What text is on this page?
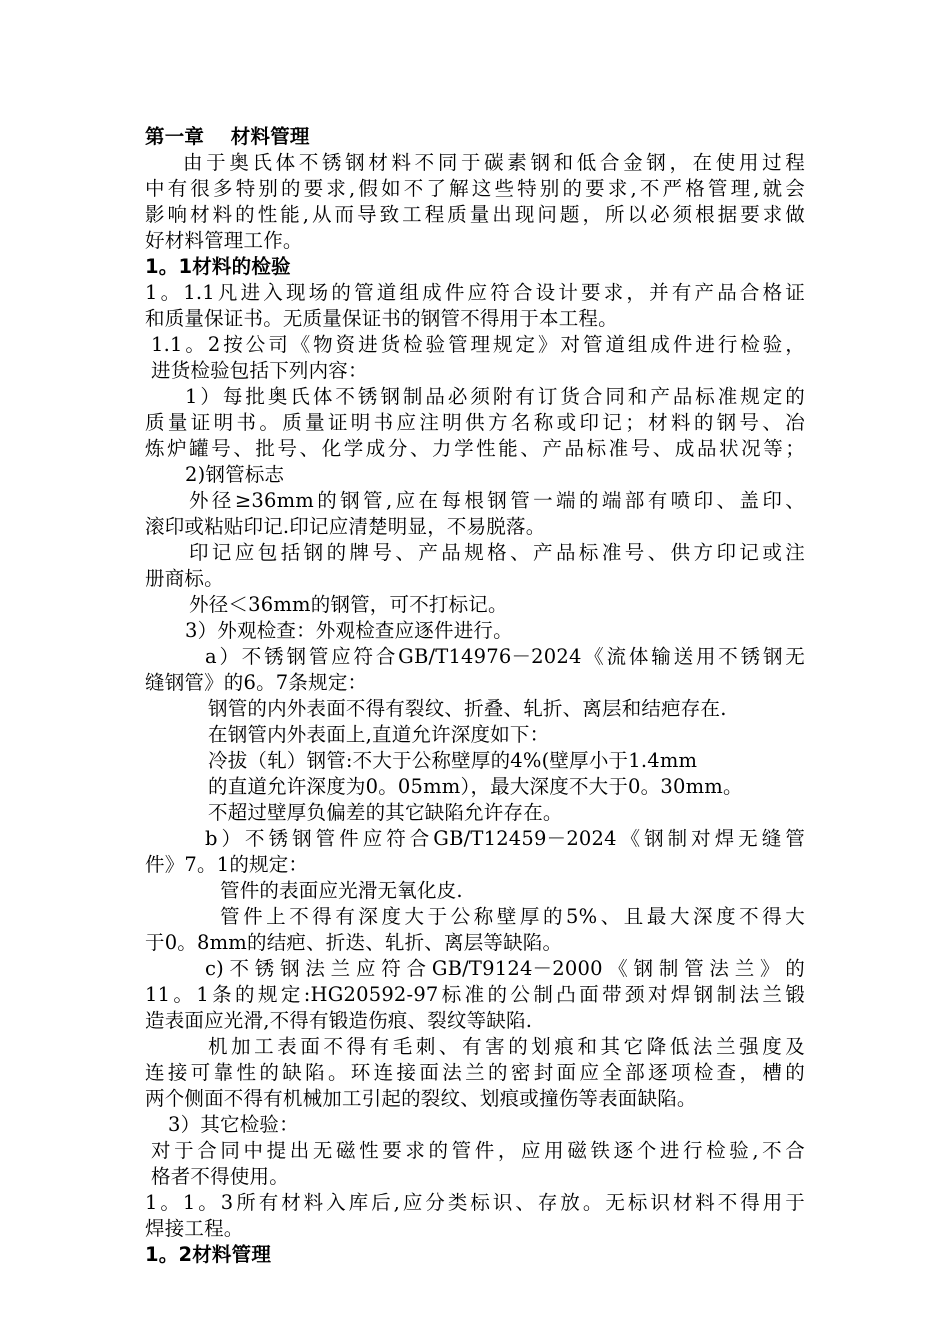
第一章　 材料管理
由于奥氏体不锈钢材料不同于碳素钢和低合金钢，在使用过程
中有很多特别的要求,假如不了解这些特别的要求,不严格管理,就会
影响材料的性能,从而导致工程质量出现问题，所以必须根据要求做
好材料管理工作。
1。1材料的检验
1。1.1凡进入现场的管道组成件应符合设计要求，并有产品合格证
和质量保证书。无质量保证书的钢管不得用于本工程。
1.1。2按公司《物资进货检验管理规定》对管道组成件进行检验，
进货检验包括下列内容：
1）每批奥氏体不锈钢制品必须附有订货合同和产品标准规定的
质量证明书。质量证明书应注明供方名称或印记；材料的钢号、冶
炼炉罐号、批号、化学成分、力学性能、产品标准号、成品状况等；
2)钢管标志
外径≥36mm的钢管,应在每根钢管一端的端部有喷印、盖印、
滚印或粘贴印记.印记应清楚明显，不易脱落。
印记应包括钢的牌号、产品规格、产品标准号、供方印记或注
册商标。
外径＜36mm的钢管，可不打标记。
3）外观检查：外观检查应逐件进行。
a）不锈钢管应符合GB/T14976－2024《流体输送用不锈钢无
缝钢管》的6。7条规定：
钢管的内外表面不得有裂纹、折叠、轧折、离层和结疤存在.
在钢管内外表面上,直道允许深度如下：
冷拔（轧）钢管:不大于公称壁厚的4%(壁厚小于1.4mm
的直道允许深度为0。05mm），最大深度不大于0。30mm。
不超过壁厚负偏差的其它缺陷允许存在。
b）不锈钢管件应符合GB/T12459－2024《钢制对焊无缝管
件》7。1的规定：
管件的表面应光滑无氧化皮.
管件上不得有深度大于公称壁厚的5%、且最大深度不得大
于0。8mm的结疤、折迭、轧折、离层等缺陷。
c)不锈钢法兰应符合GB/T9124－2000《钢制管法兰》的
11。1条的规定:HG20592-97标准的公制凸面带颈对焊钢制法兰锻
造表面应光滑,不得有锻造伤痕、裂纹等缺陷.
机加工表面不得有毛刺、有害的划痕和其它降低法兰强度及
连接可靠性的缺陷。环连接面法兰的密封面应全部逐项检查，槽的
两个侧面不得有机械加工引起的裂纹、划痕或撞伤等表面缺陷。
3）其它检验：
对于合同中提出无磁性要求的管件，应用磁铁逐个进行检验,不合
格者不得使用。
1。1。3所有材料入库后,应分类标识、存放。无标识材料不得用于
焊接工程。
1。2材料管理
